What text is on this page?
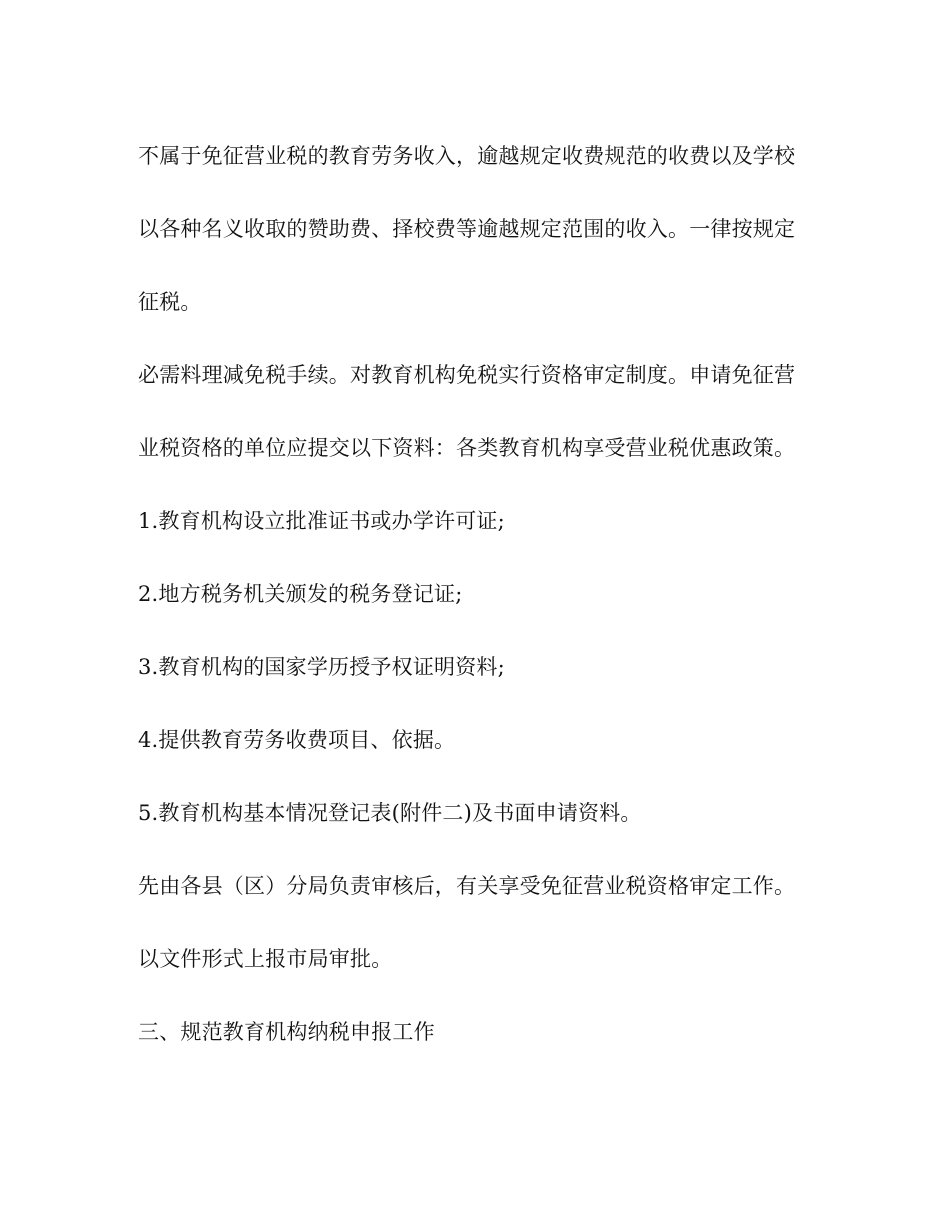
不属于免征营业税的教育劳务收入，逾越规定收费规范的收费以及学校以各种名义收取的赞助费、择校费等逾越规定范围的收入。一律按规定征税。

必需料理减免税手续。对教育机构免税实行资格审定制度。申请免征营业税资格的单位应提交以下资料：各类教育机构享受营业税优惠政策。

1.教育机构设立批准证书或办学许可证;

2.地方税务机关颁发的税务登记证;

3.教育机构的国家学历授予权证明资料;

4.提供教育劳务收费项目、依据。

5.教育机构基本情况登记表(附件二)及书面申请资料。

先由各县（区）分局负责审核后，有关享受免征营业税资格审定工作。以文件形式上报市局审批。

三、规范教育机构纳税申报工作
